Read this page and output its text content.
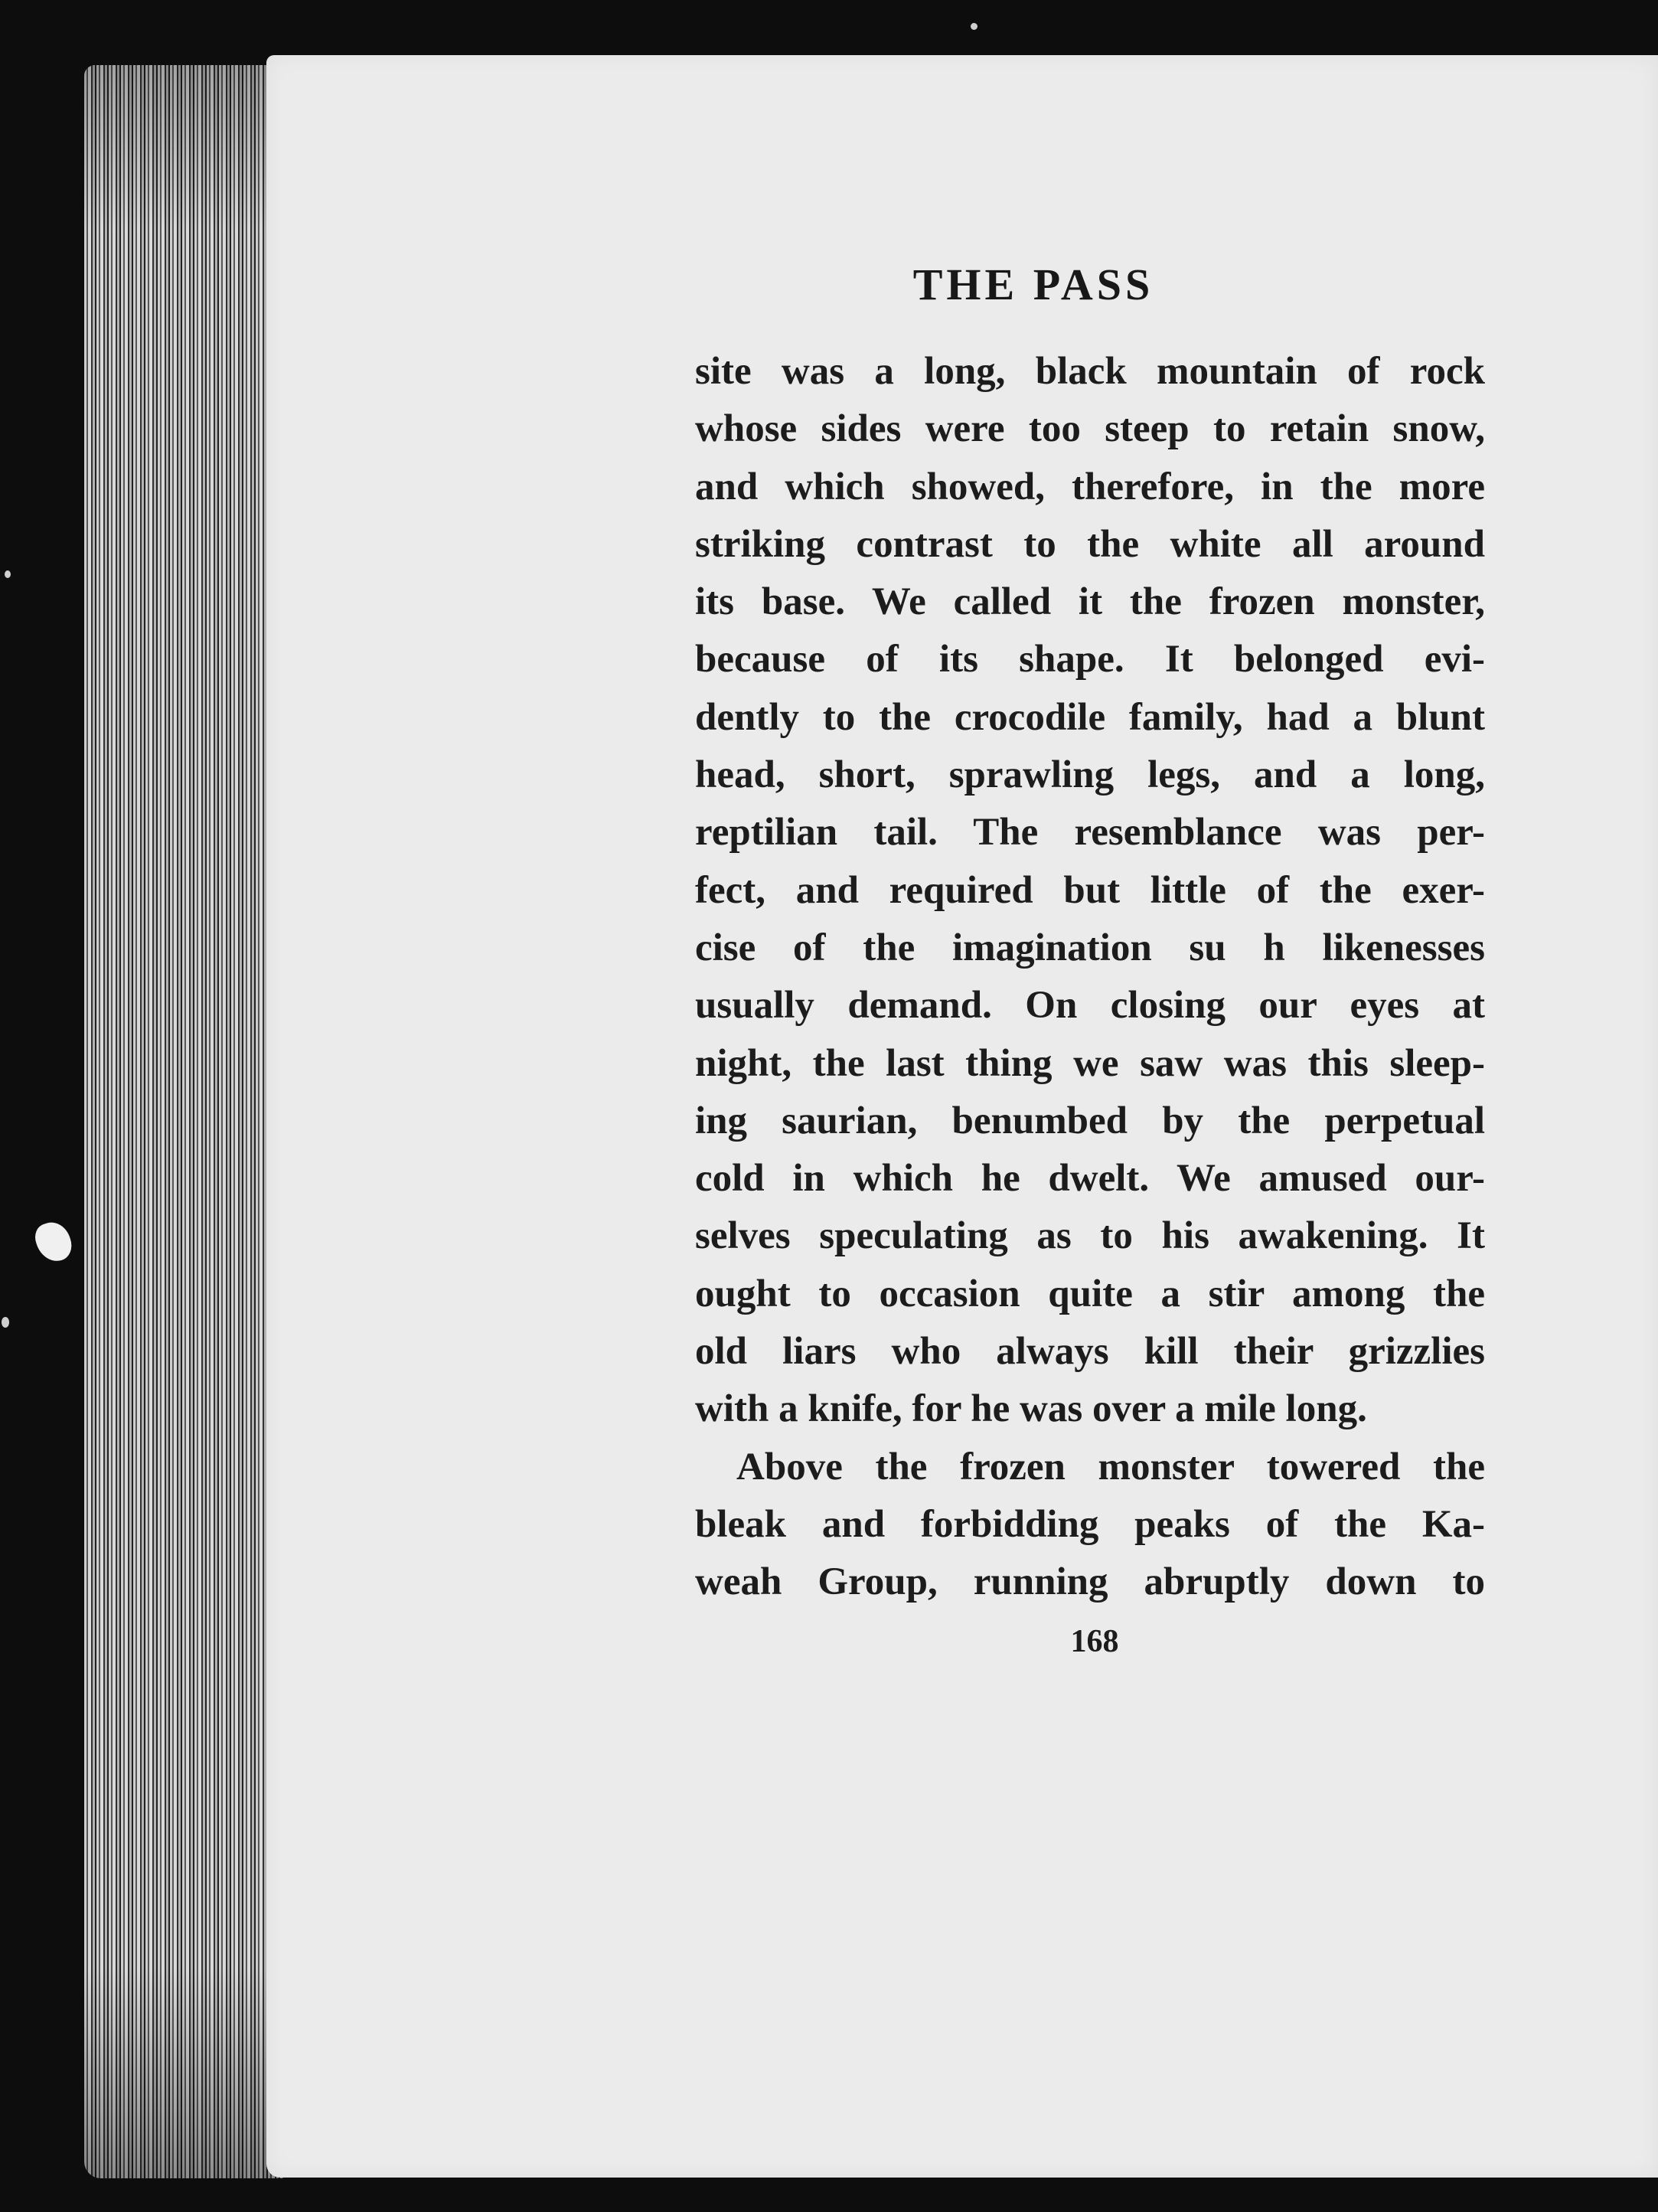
THE PASS
site was a long, black mountain of rock
whose sides were too steep to retain snow,
and which showed, therefore, in the more
striking contrast to the white all around
its base. We called it the frozen monster,
because of its shape. It belonged evi-
dently to the crocodile family, had a blunt
head, short, sprawling legs, and a long,
reptilian tail. The resemblance was per-
fect, and required but little of the exer-
cise of the imagination su h likenesses
usually demand. On closing our eyes at
night, the last thing we saw was this sleep-
ing saurian, benumbed by the perpetual
cold in which he dwelt. We amused our-
selves speculating as to his awakening. It
ought to occasion quite a stir among the
old liars who always kill their grizzlies
with a knife, for he was over a mile long.
Above the frozen monster towered the
bleak and forbidding peaks of the Ka-
weah Group, running abruptly down to

168
